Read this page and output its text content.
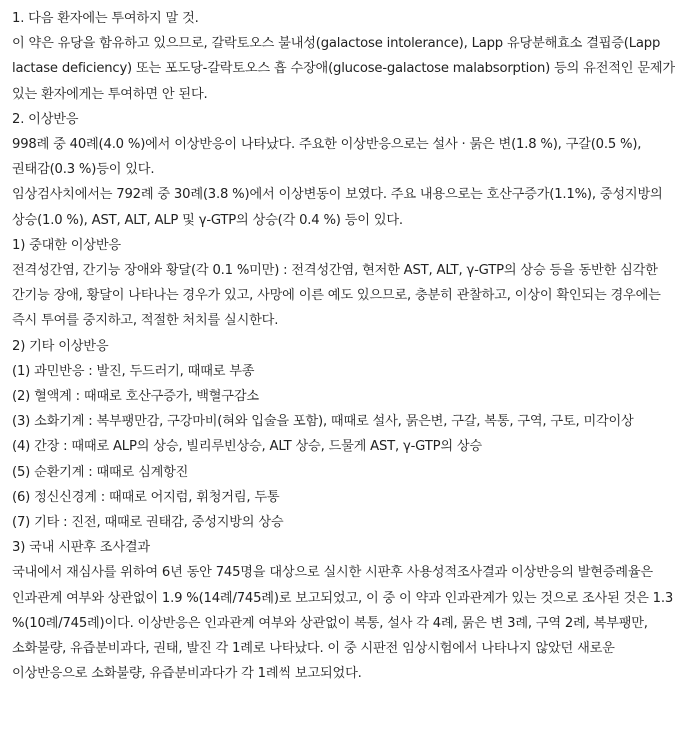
1. 다음 환자에는 투여하지 말 것.

이 약은 유당을 함유하고 있으므로, 갈락토오스 불내성(galactose intolerance), Lapp 유당분해효소 결핍증(Lapp lactase deficiency) 또는 포도당-갈락토오스 흡 수장애(glucose-galactose malabsorption) 등의 유전적인 문제가 있는 환자에게는 투여하면 안 된다.

2. 이상반응

998례 중 40례(4.0 %)에서 이상반응이 나타났다. 주요한 이상반응으로는 설사 · 묽은 변(1.8 %), 구갈(0.5 %), 권태감(0.3 %)등이 있다.

임상검사치에서는 792례 중 30례(3.8 %)에서 이상변동이 보였다. 주요 내용으로는 호산구증가(1.1%), 중성지방의 상승(1.0 %), AST, ALT, ALP 및 γ-GTP의 상승(각 0.4 %) 등이 있다.

1) 중대한 이상반응

전격성간염, 간기능 장애와 황달(각 0.1 %미만) : 전격성간염, 현저한 AST, ALT, γ-GTP의 상승 등을 동반한 심각한 간기능 장애, 황달이 나타나는 경우가 있고, 사망에 이른 예도 있으므로, 충분히 관찰하고, 이상이 확인되는 경우에는 즉시 투여를 중지하고, 적절한 처치를 실시한다.

2) 기타 이상반응

(1) 과민반응 : 발진, 두드러기, 때때로 부종

(2) 혈액계 : 때때로 호산구증가, 백혈구감소

(3) 소화기계 : 복부팽만감, 구강마비(혀와 입술을 포함), 때때로 설사, 묽은변, 구갈, 복통, 구역, 구토, 미각이상

(4) 간장 : 때때로 ALP의 상승, 빌리루빈상승, ALT 상승, 드물게 AST, γ-GTP의 상승

(5) 순환기계 : 때때로 심계항진

(6) 정신신경계 : 때때로 어지럼, 휘청거림, 두통

(7) 기타 : 진전, 때때로 권태감, 중성지방의 상승

3) 국내 시판후 조사결과

국내에서 재심사를 위하여 6년 동안 745명을 대상으로 실시한 시판후 사용성적조사결과 이상반응의 발현증례율은 인과관계 여부와 상관없이 1.9 %(14례/745례)로 보고되었고, 이 중 이 약과 인과관계가 있는 것으로 조사된 것은 1.3 %(10례/745례)이다. 이상반응은 인과관계 여부와 상관없이 복통, 설사 각 4례, 묽은 변 3례, 구역 2례, 복부팽만, 소화불량, 유즙분비과다, 권태, 발진 각 1례로 나타났다. 이 중 시판전 임상시험에서 나타나지 않았던 새로운 이상반응으로 소화불량, 유즙분비과다가 각 1례씩 보고되었다.
